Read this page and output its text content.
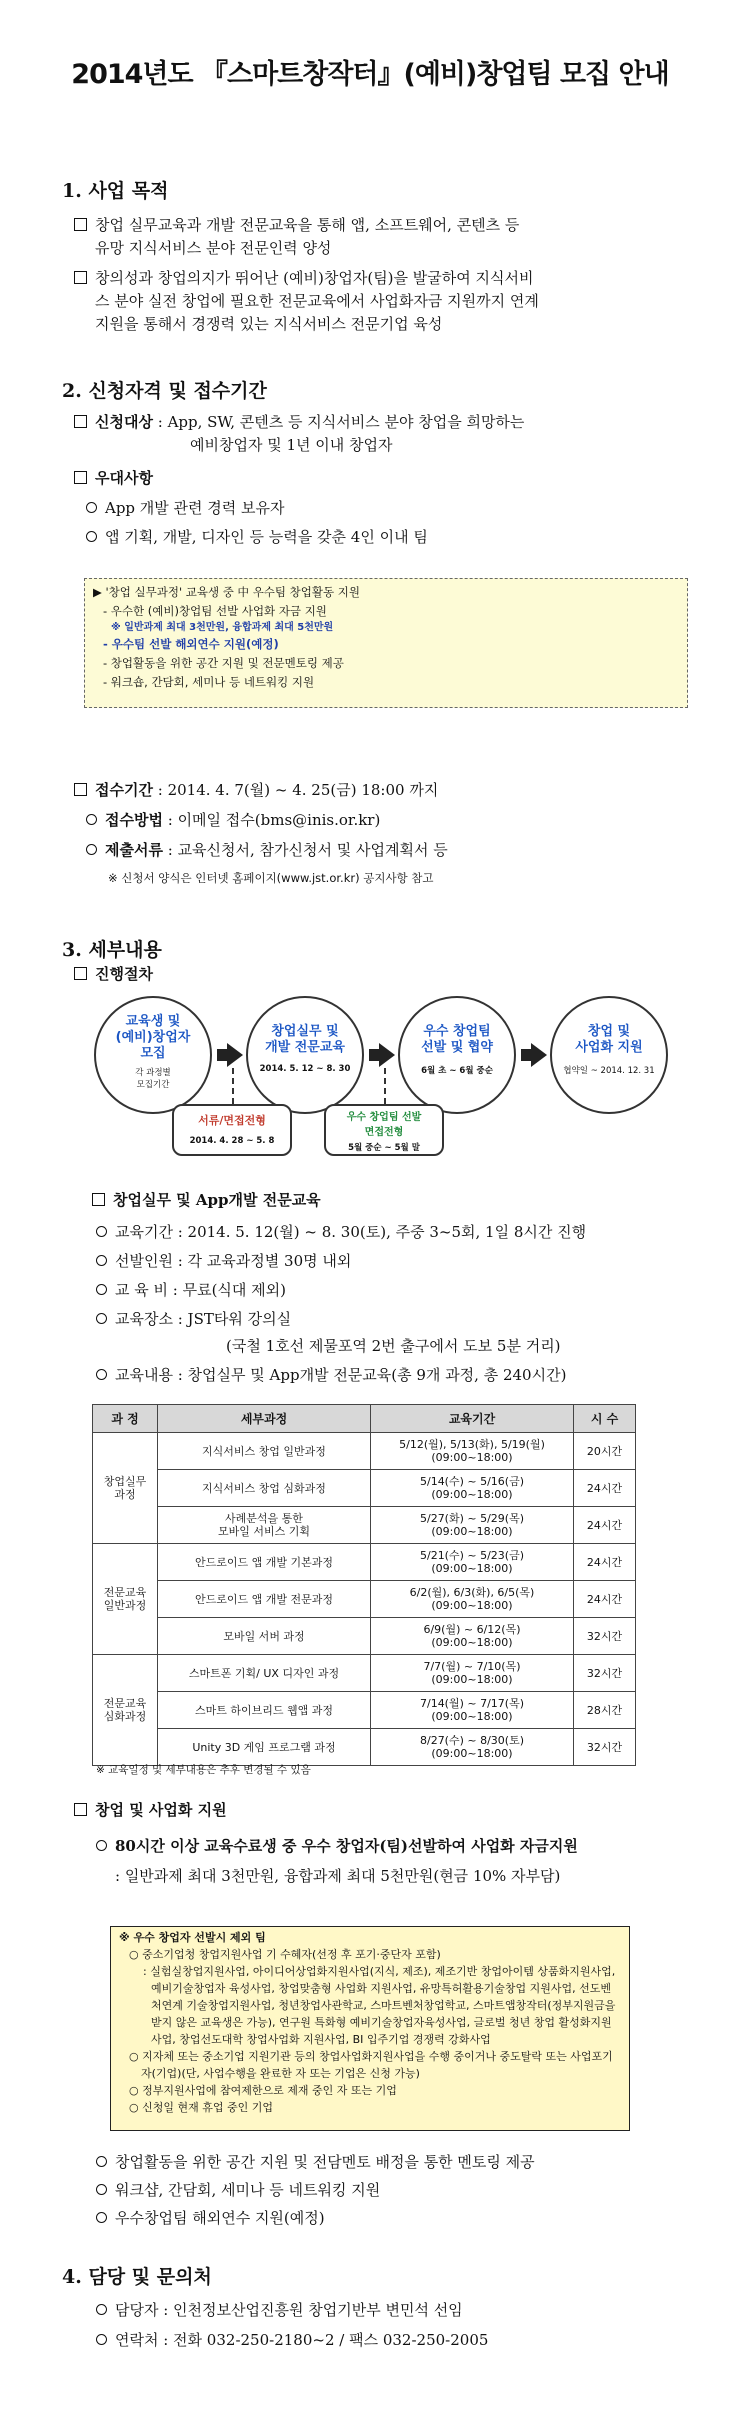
2014년도 『스마트창작터』(예비)창업팀 모집 안내
1. 사업 목적
창업 실무교육과 개발 전문교육을 통해 앱, 소프트웨어, 콘텐츠 등
유망 지식서비스 분야 전문인력 양성
창의성과 창업의지가 뛰어난 (예비)창업자(팀)을 발굴하여 지식서비
스 분야 실전 창업에 필요한 전문교육에서 사업화자금 지원까지 연계
지원을 통해서 경쟁력 있는 지식서비스 전문기업 육성
2. 신청자격 및 접수기간
신청대상 : App, SW, 콘텐츠 등 지식서비스 분야 창업을 희망하는
예비창업자 및 1년 이내 창업자
우대사항
App 개발 관련 경력 보유자
앱 기획, 개발, 디자인 등 능력을 갖춘 4인 이내 팀
▶ '창업 실무과정' 교육생 중 中 우수팀 창업활동 지원
- 우수한 (예비)창업팀 선발 사업화 자금 지원
※ 일반과제 최대 3천만원, 융합과제 최대 5천만원
- 우수팀 선발 해외연수 지원(예정)
- 창업활동을 위한 공간 지원 및 전문멘토링 제공
- 워크숍, 간담회, 세미나 등 네트워킹 지원
접수기간 : 2014. 4. 7(월) ~ 4. 25(금) 18:00 까지
접수방법 : 이메일 접수(bms@inis.or.kr)
제출서류 : 교육신청서, 참가신청서 및 사업계획서 등
※ 신청서 양식은 인터넷 홈페이지(www.jst.or.kr) 공지사항 참고
3. 세부내용
진행절차
교육생 및
(예비)창업자
모집
각 과정별
모집기간
창업실무 및
개발 전문교육
2014. 5. 12 ~ 8. 30
우수 창업팀
선발 및 협약
6월 초 ~ 6월 중순
창업 및
사업화 지원
협약일 ~ 2014. 12. 31
서류/면접전형
2014. 4. 28 ~ 5. 8
우수 창업팀 선발
면접전형
5월 중순 ~ 5월 말
창업실무 및 App개발 전문교육
교육기간 : 2014. 5. 12(월) ~ 8. 30(토), 주중 3~5회, 1일 8시간 진행
선발인원 : 각 교육과정별 30명 내외
교 육 비 : 무료(식대 제외)
교육장소 : JST타워 강의실
(국철 1호선 제물포역 2번 출구에서 도보 5분 거리)
교육내용 : 창업실무 및 App개발 전문교육(총 9개 과정, 총 240시간)
과 정	세부과정	교육기간	시 수
창업실무
과정	지식서비스 창업 일반과정	5/12(월), 5/13(화), 5/19(월)
(09:00~18:00)	20시간
	지식서비스 창업 심화과정	5/14(수) ~ 5/16(금)
(09:00~18:00)	24시간
	사례분석을 통한
모바일 서비스 기획	5/27(화) ~ 5/29(목)
(09:00~18:00)	24시간
전문교육
일반과정	안드로이드 앱 개발 기본과정	5/21(수) ~ 5/23(금)
(09:00~18:00)	24시간
	안드로이드 앱 개발 전문과정	6/2(월), 6/3(화), 6/5(목)
(09:00~18:00)	24시간
	모바일 서버 과정	6/9(월) ~ 6/12(목)
(09:00~18:00)	32시간
전문교육
심화과정	스마트폰 기획/ UX 디자인 과정	7/7(월) ~ 7/10(목)
(09:00~18:00)	32시간
	스마트 하이브리드 웹앱 과정	7/14(월) ~ 7/17(목)
(09:00~18:00)	28시간
	Unity 3D 게임 프로그램 과정	8/27(수) ~ 8/30(토)
(09:00~18:00)	32시간
※ 교육일정 및 세부내용은 추후 변경될 수 있음
창업 및 사업화 지원
80시간 이상 교육수료생 중 우수 창업자(팀)선발하여 사업화 자금지원
: 일반과제 최대 3천만원, 융합과제 최대 5천만원(현금 10% 자부담)
※ 우수 창업자 선발시 제외 팀
○ 중소기업청 창업지원사업 기 수혜자(선정 후 포기·중단자 포함)
: 실험실창업지원사업, 아이디어상업화지원사업(지식, 제조), 제조기반 창업아이템 상품화지원사업, 예비기술창업자 육성사업, 창업맞춤형 사업화 지원사업, 유망특허활용기술창업 지원사업, 선도벤처연계 기술창업지원사업, 청년창업사관학교, 스마트벤처창업학교, 스마트앱창작터(정부지원금을 받지 않은 교육생은 가능), 연구원 특화형 예비기술창업자육성사업, 글로벌 청년 창업 활성화지원사업, 창업선도대학 창업사업화 지원사업, BI 입주기업 경쟁력 강화사업
○ 지자체 또는 중소기업 지원기관 등의 창업사업화지원사업을 수행 중이거나 중도탈락 또는 사업포기 자(기업)(단, 사업수행을 완료한 자 또는 기업은 신청 가능)
○ 정부지원사업에 참여제한으로 제재 중인 자 또는 기업
○ 신청일 현재 휴업 중인 기업
창업활동을 위한 공간 지원 및 전담멘토 배정을 통한 멘토링 제공
워크샵, 간담회, 세미나 등 네트워킹 지원
우수창업팀 해외연수 지원(예정)
4. 담당 및 문의처
담당자 : 인천정보산업진흥원 창업기반부 변민석 선임
연락처 : 전화 032-250-2180~2 / 팩스 032-250-2005
